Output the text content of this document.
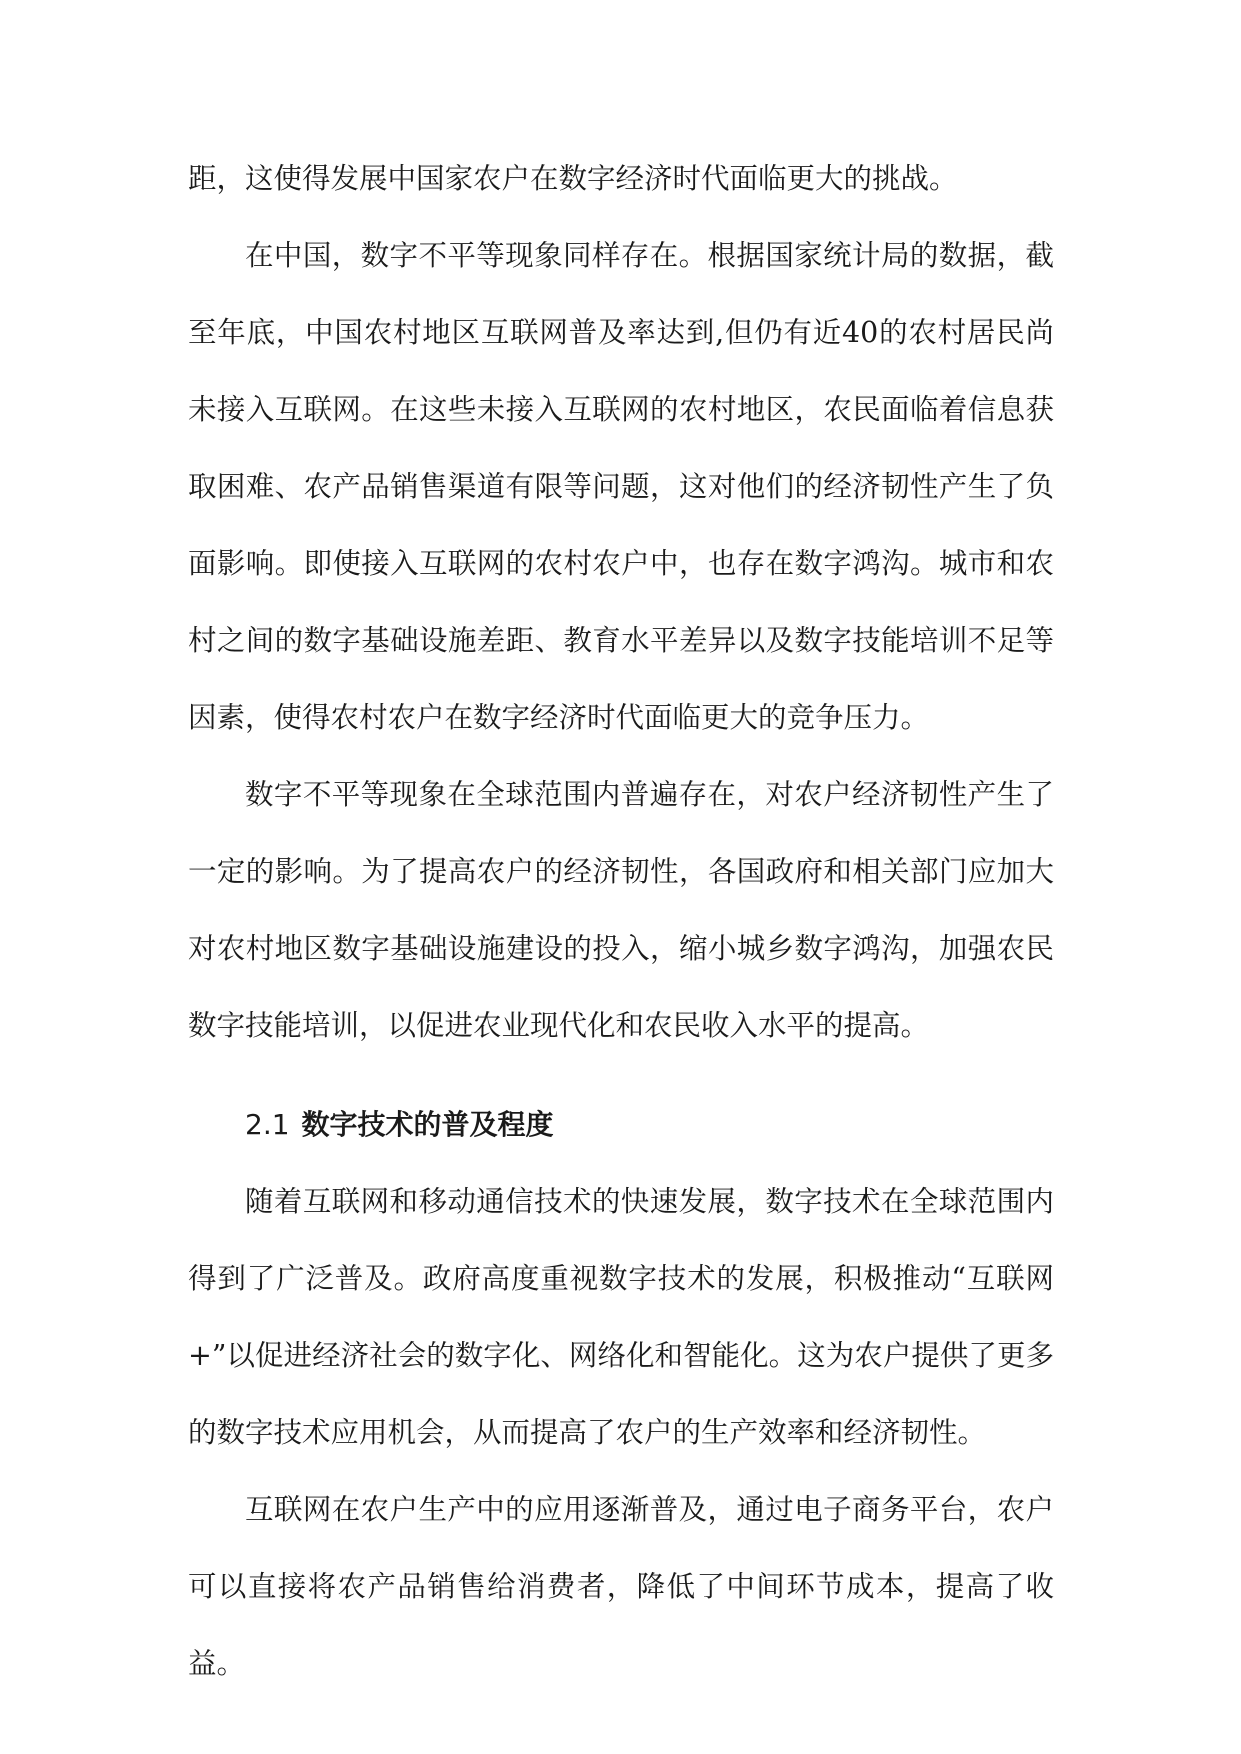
距，这使得发展中国家农户在数字经济时代面临更大的挑战。

在中国，数字不平等现象同样存在。根据国家统计局的数据，截至年底，中国农村地区互联网普及率达到,但仍有近40的农村居民尚未接入互联网。在这些未接入互联网的农村地区，农民面临着信息获取困难、农产品销售渠道有限等问题，这对他们的经济韧性产生了负面影响。即使接入互联网的农村农户中，也存在数字鸿沟。城市和农村之间的数字基础设施差距、教育水平差异以及数字技能培训不足等因素，使得农村农户在数字经济时代面临更大的竞争压力。

数字不平等现象在全球范围内普遍存在，对农户经济韧性产生了一定的影响。为了提高农户的经济韧性，各国政府和相关部门应加大对农村地区数字基础设施建设的投入，缩小城乡数字鸿沟，加强农民数字技能培训，以促进农业现代化和农民收入水平的提高。

2.1 数字技术的普及程度

随着互联网和移动通信技术的快速发展，数字技术在全球范围内得到了广泛普及。政府高度重视数字技术的发展，积极推动“互联网+”以促进经济社会的数字化、网络化和智能化。这为农户提供了更多的数字技术应用机会，从而提高了农户的生产效率和经济韧性。

互联网在农户生产中的应用逐渐普及，通过电子商务平台，农户可以直接将农产品销售给消费者，降低了中间环节成本，提高了收益。
